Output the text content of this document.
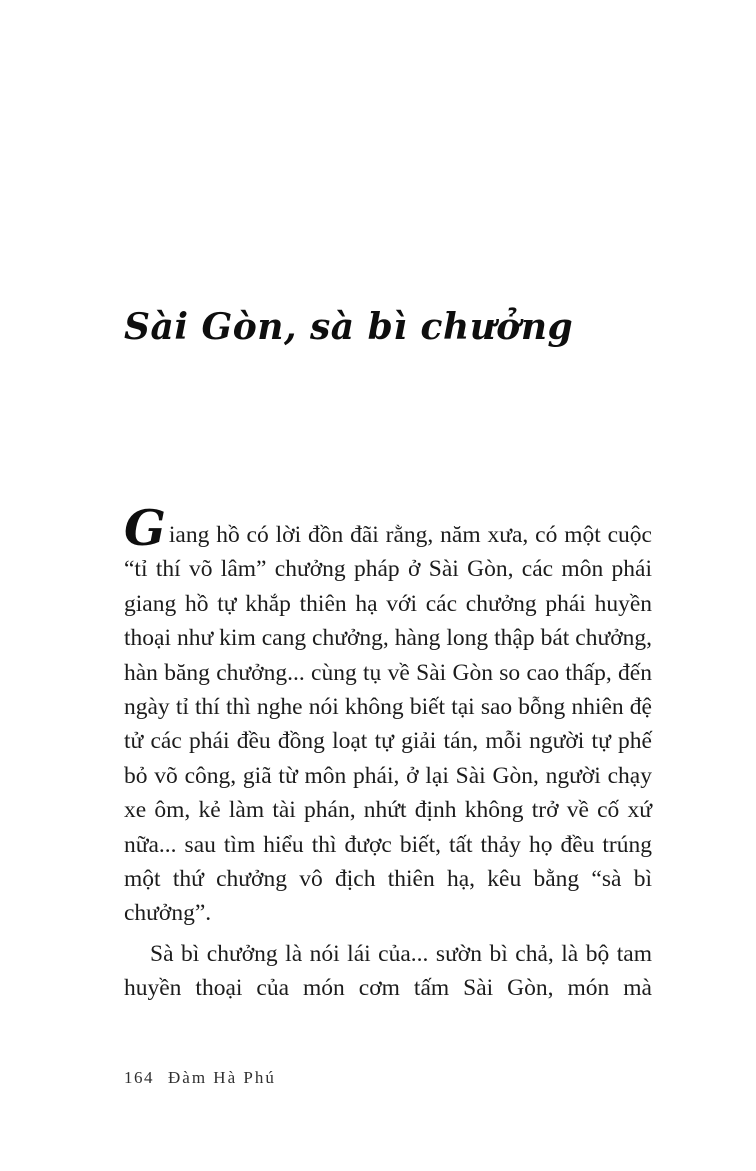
Sài Gòn, sà bì chưởng

Giang hồ có lời đồn đãi rằng, năm xưa, có một cuộc “tỉ thí võ lâm” chưởng pháp ở Sài Gòn, các môn phái giang hồ tự khắp thiên hạ với các chưởng phái huyền thoại như kim cang chưởng, hàng long thập bát chưởng, hàn băng chưởng... cùng tụ về Sài Gòn so cao thấp, đến ngày tỉ thí thì nghe nói không biết tại sao bỗng nhiên đệ tử các phái đều đồng loạt tự giải tán, mỗi người tự phế bỏ võ công, giã từ môn phái, ở lại Sài Gòn, người chạy xe ôm, kẻ làm tài phán, nhứt định không trở về cố xứ nữa... sau tìm hiểu thì được biết, tất thảy họ đều trúng một thứ chưởng vô địch thiên hạ, kêu bằng “sà bì chưởng”.

Sà bì chưởng là nói lái của... sườn bì chả, là bộ tam huyền thoại của món cơm tấm Sài Gòn, món mà

164 Đàm Hà Phú
